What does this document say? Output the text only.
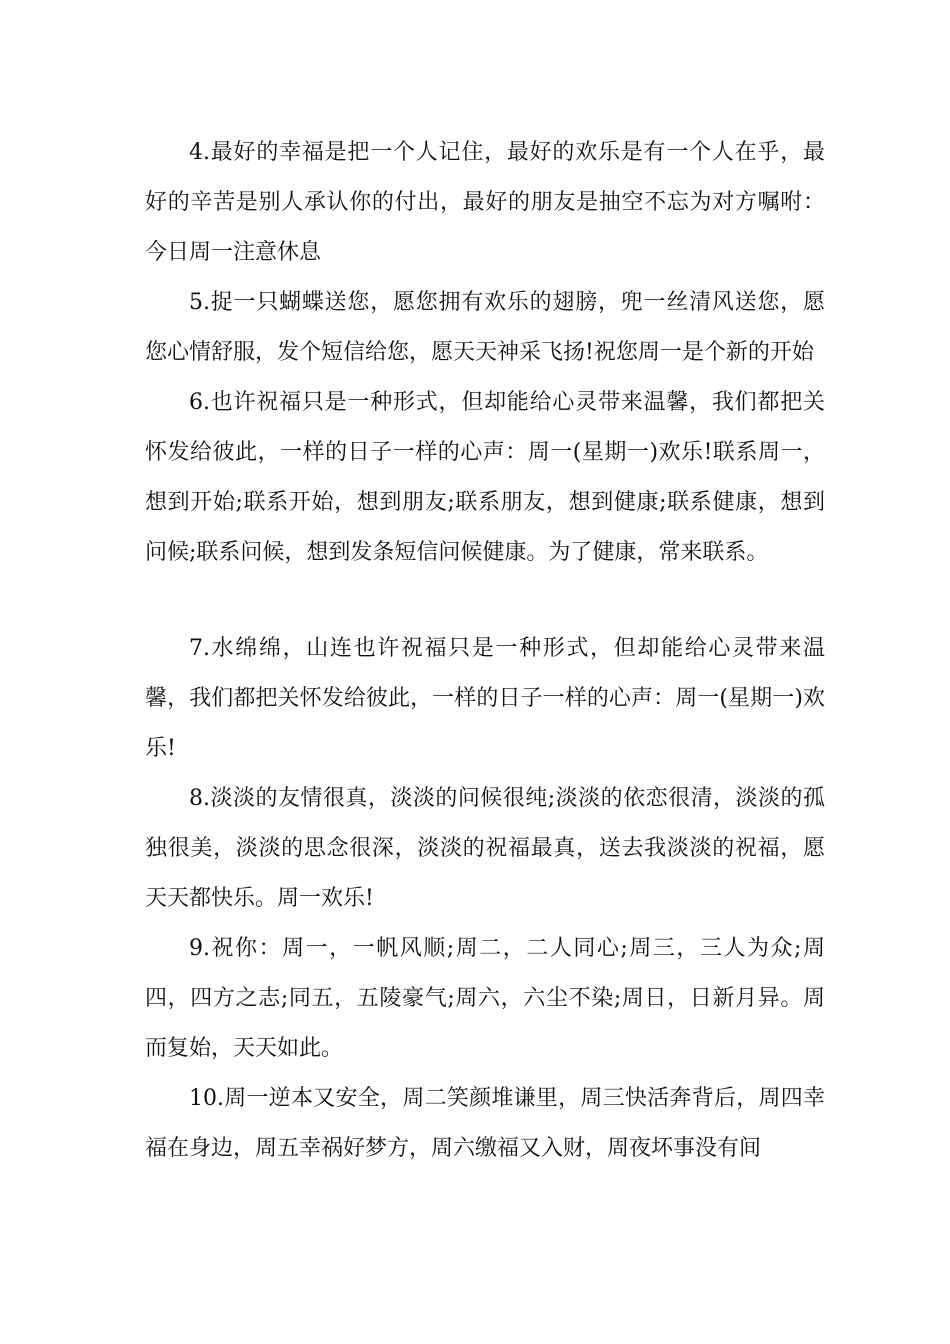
4.最好的幸福是把一个人记住，最好的欢乐是有一个人在乎，最好的辛苦是别人承认你的付出，最好的朋友是抽空不忘为对方嘱咐：今日周一注意休息

5.捉一只蝴蝶送您，愿您拥有欢乐的翅膀，兜一丝清风送您，愿您心情舒服，发个短信给您，愿天天神采飞扬!祝您周一是个新的开始

6.也许祝福只是一种形式，但却能给心灵带来温馨，我们都把关怀发给彼此，一样的日子一样的心声：周一(星期一)欢乐!联系周一，想到开始;联系开始，想到朋友;联系朋友，想到健康;联系健康，想到问候;联系问候，想到发条短信问候健康。为了健康，常来联系。

7.水绵绵，山连也许祝福只是一种形式，但却能给心灵带来温馨，我们都把关怀发给彼此，一样的日子一样的心声：周一(星期一)欢乐!

8.淡淡的友情很真，淡淡的问候很纯;淡淡的依恋很清，淡淡的孤独很美，淡淡的思念很深，淡淡的祝福最真，送去我淡淡的祝福，愿天天都快乐。周一欢乐!

9.祝你：周一，一帆风顺;周二，二人同心;周三，三人为众;周四，四方之志;同五，五陵豪气;周六，六尘不染;周日，日新月异。周而复始，天天如此。

10.周一逆本又安全，周二笑颜堆谦里，周三快活奔背后，周四幸福在身边，周五幸祸好梦方，周六缴福又入财，周夜坏事没有间
